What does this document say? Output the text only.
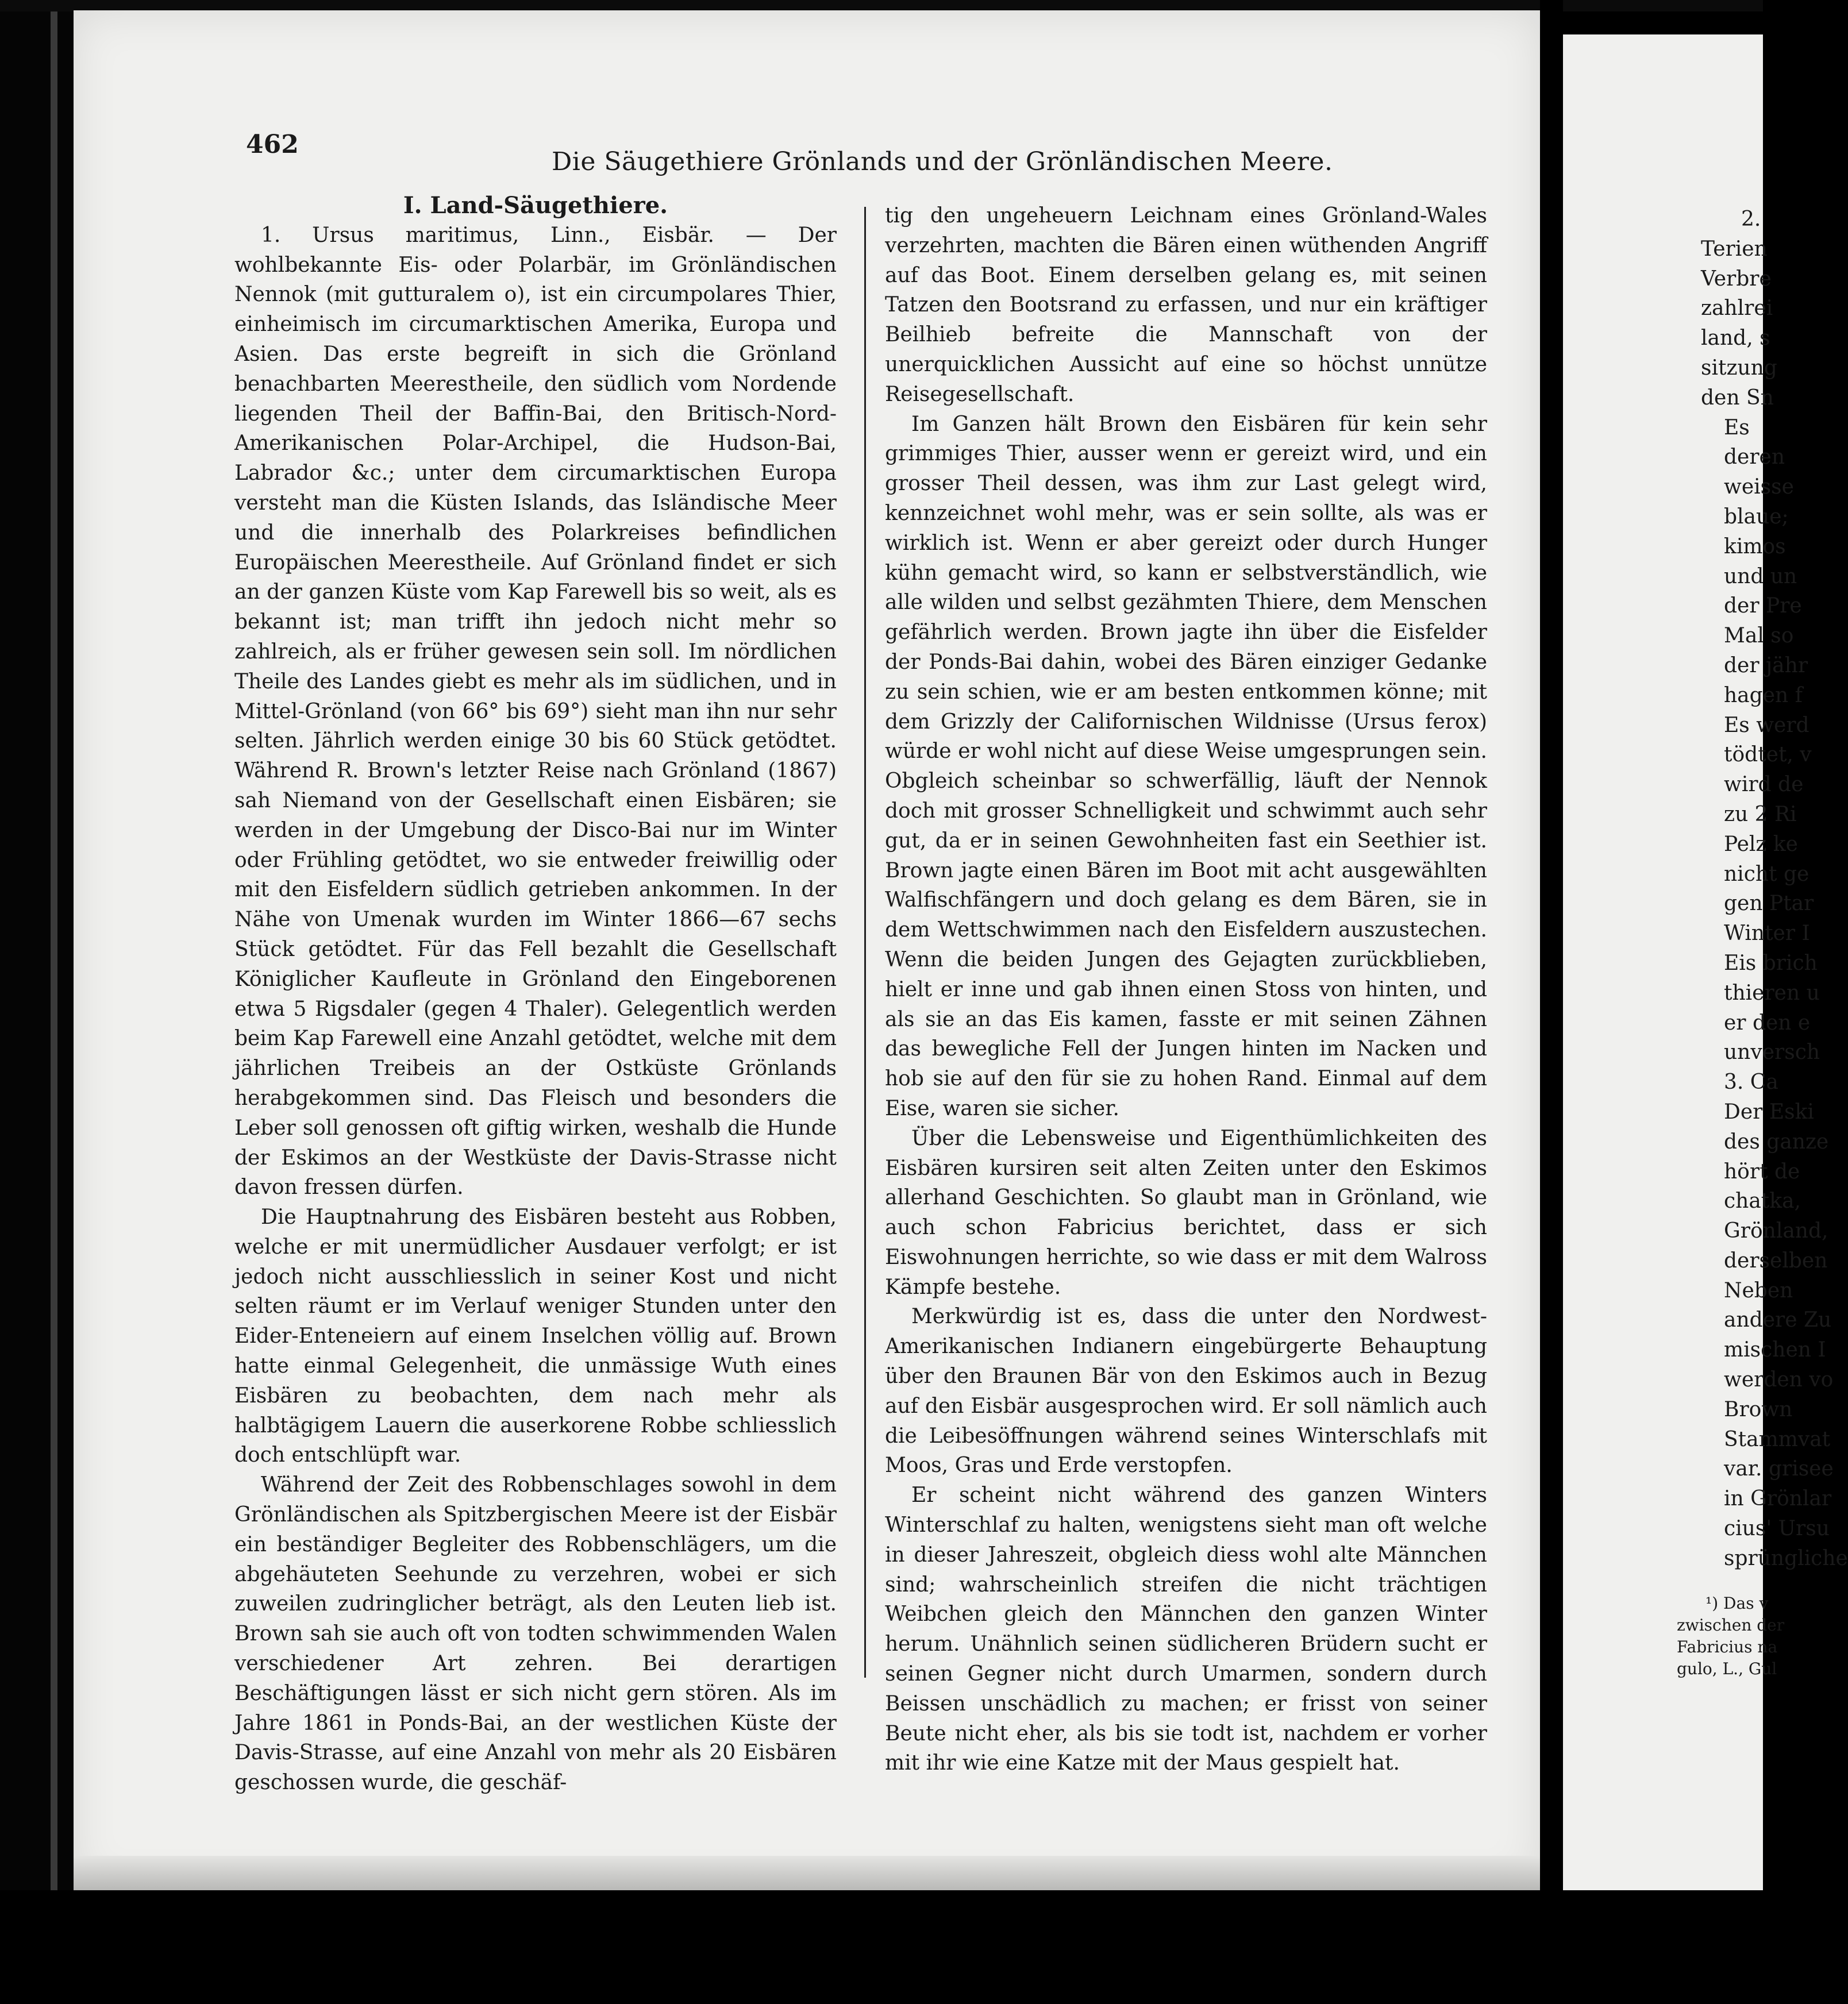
462
Die Säugethiere Grönlands und der Grönländischen Meere.

I. Land-Säugethiere.

1. Ursus maritimus, Linn., Eisbär. — Der wohlbekannte Eis- oder Polarbär, im Grönländischen Nennok (mit gutturalem o), ist ein circumpolares Thier, einheimisch im circumarktischen Amerika, Europa und Asien. Das erste begreift in sich die Grönland benachbarten Meerestheile, den südlich vom Nordende liegenden Theil der Baffin-Bai, den Britisch-Nord-Amerikanischen Polar-Archipel, die Hudson-Bai, Labrador &c.; unter dem circumarktischen Europa versteht man die Küsten Islands, das Isländische Meer und die innerhalb des Polarkreises befindlichen Europäischen Meerestheile. Auf Grönland findet er sich an der ganzen Küste vom Kap Farewell bis so weit, als es bekannt ist; man trifft ihn jedoch nicht mehr so zahlreich, als er früher gewesen sein soll. Im nördlichen Theile des Landes giebt es mehr als im südlichen, und in Mittel-Grönland (von 66° bis 69°) sieht man ihn nur sehr selten. Jährlich werden einige 30 bis 60 Stück getödtet. Während R. Brown's letzter Reise nach Grönland (1867) sah Niemand von der Gesellschaft einen Eisbären; sie werden in der Umgebung der Disco-Bai nur im Winter oder Frühling getödtet, wo sie entweder freiwillig oder mit den Eisfeldern südlich getrieben ankommen. In der Nähe von Umenak wurden im Winter 1866—67 sechs Stück getödtet. Für das Fell bezahlt die Gesellschaft Königlicher Kaufleute in Grönland den Eingeborenen etwa 5 Rigsdaler (gegen 4 Thaler). Gelegentlich werden beim Kap Farewell eine Anzahl getödtet, welche mit dem jährlichen Treibeis an der Ostküste Grönlands herabgekommen sind. Das Fleisch und besonders die Leber soll genossen oft giftig wirken, weshalb die Hunde der Eskimos an der Westküste der Davis-Strasse nicht davon fressen dürfen.

Die Hauptnahrung des Eisbären besteht aus Robben, welche er mit unermüdlicher Ausdauer verfolgt; er ist jedoch nicht ausschliesslich in seiner Kost und nicht selten räumt er im Verlauf weniger Stunden unter den Eider-Enteneiern auf einem Inselchen völlig auf. Brown hatte einmal Gelegenheit, die unmässige Wuth eines Eisbären zu beobachten, dem nach mehr als halbtägigem Lauern die auserkorene Robbe schliesslich doch entschlüpft war.

Während der Zeit des Robbenschlages sowohl in dem Grönländischen als Spitzbergischen Meere ist der Eisbär ein beständiger Begleiter des Robbenschlägers, um die abgehäuteten Seehunde zu verzehren, wobei er sich zuweilen zudringlicher beträgt, als den Leuten lieb ist. Brown sah sie auch oft von todten schwimmenden Walen verschiedener Art zehren. Bei derartigen Beschäftigungen lässt er sich nicht gern stören. Als im Jahre 1861 in Ponds-Bai, an der westlichen Küste der Davis-Strasse, auf eine Anzahl von mehr als 20 Eisbären geschossen wurde, die geschäf-

tig den ungeheuern Leichnam eines Grönland-Wales verzehrten, machten die Bären einen wüthenden Angriff auf das Boot. Einem derselben gelang es, mit seinen Tatzen den Bootsrand zu erfassen, und nur ein kräftiger Beilhieb befreite die Mannschaft von der unerquicklichen Aussicht auf eine so höchst unnütze Reisegesellschaft.

Im Ganzen hält Brown den Eisbären für kein sehr grimmiges Thier, ausser wenn er gereizt wird, und ein grosser Theil dessen, was ihm zur Last gelegt wird, kennzeichnet wohl mehr, was er sein sollte, als was er wirklich ist. Wenn er aber gereizt oder durch Hunger kühn gemacht wird, so kann er selbstverständlich, wie alle wilden und selbst gezähmten Thiere, dem Menschen gefährlich werden. Brown jagte ihn über die Eisfelder der Ponds-Bai dahin, wobei des Bären einziger Gedanke zu sein schien, wie er am besten entkommen könne; mit dem Grizzly der Californischen Wildnisse (Ursus ferox) würde er wohl nicht auf diese Weise umgesprungen sein. Obgleich scheinbar so schwerfällig, läuft der Nennok doch mit grosser Schnelligkeit und schwimmt auch sehr gut, da er in seinen Gewohnheiten fast ein Seethier ist. Brown jagte einen Bären im Boot mit acht ausgewählten Walfischfängern und doch gelang es dem Bären, sie in dem Wettschwimmen nach den Eisfeldern auszustechen. Wenn die beiden Jungen des Gejagten zurückblieben, hielt er inne und gab ihnen einen Stoss von hinten, und als sie an das Eis kamen, fasste er mit seinen Zähnen das bewegliche Fell der Jungen hinten im Nacken und hob sie auf den für sie zu hohen Rand. Einmal auf dem Eise, waren sie sicher.

Über die Lebensweise und Eigenthümlichkeiten des Eisbären kursiren seit alten Zeiten unter den Eskimos allerhand Geschichten. So glaubt man in Grönland, wie auch schon Fabricius berichtet, dass er sich Eiswohnungen herrichte, so wie dass er mit dem Walross Kämpfe bestehe.

Merkwürdig ist es, dass die unter den Nordwest-Amerikanischen Indianern eingebürgerte Behauptung über den Braunen Bär von den Eskimos auch in Bezug auf den Eisbär ausgesprochen wird. Er soll nämlich auch die Leibesöffnungen während seines Winterschlafs mit Moos, Gras und Erde verstopfen.

Er scheint nicht während des ganzen Winters Winterschlaf zu halten, wenigstens sieht man oft welche in dieser Jahreszeit, obgleich diess wohl alte Männchen sind; wahrscheinlich streifen die nicht trächtigen Weibchen gleich den Männchen den ganzen Winter herum. Unähnlich seinen südlicheren Brüdern sucht er seinen Gegner nicht durch Umarmen, sondern durch Beissen unschädlich zu machen; er frisst von seiner Beute nicht eher, als bis sie todt ist, nachdem er vorher mit ihr wie eine Katze mit der Maus gespielt hat.

2.
Terien
Verbre
zahlrei
land, s
sitzung
den Sn
Es
deren
weisse
blaue;
kimos
und un
der Pre
Mal so
der jähr
hagen f
Es werd
tödtet, v
wird de
zu 2 Ri
Pelz ke
nicht ge
gen Ptar
Winter I
Eis brich
thieren u
er den e
unversch
3. Ca
Der Eski
des ganze
hört de
chatka,
Grönland,
derselben
Neben
andere Zu
mischen I
werden vo
Brown
Stammvat
var. grisee
in Grönlar
cius' Ursu
sprüngliche
¹) Das v
zwischen der
Fabricius na
gulo, L., Gul
